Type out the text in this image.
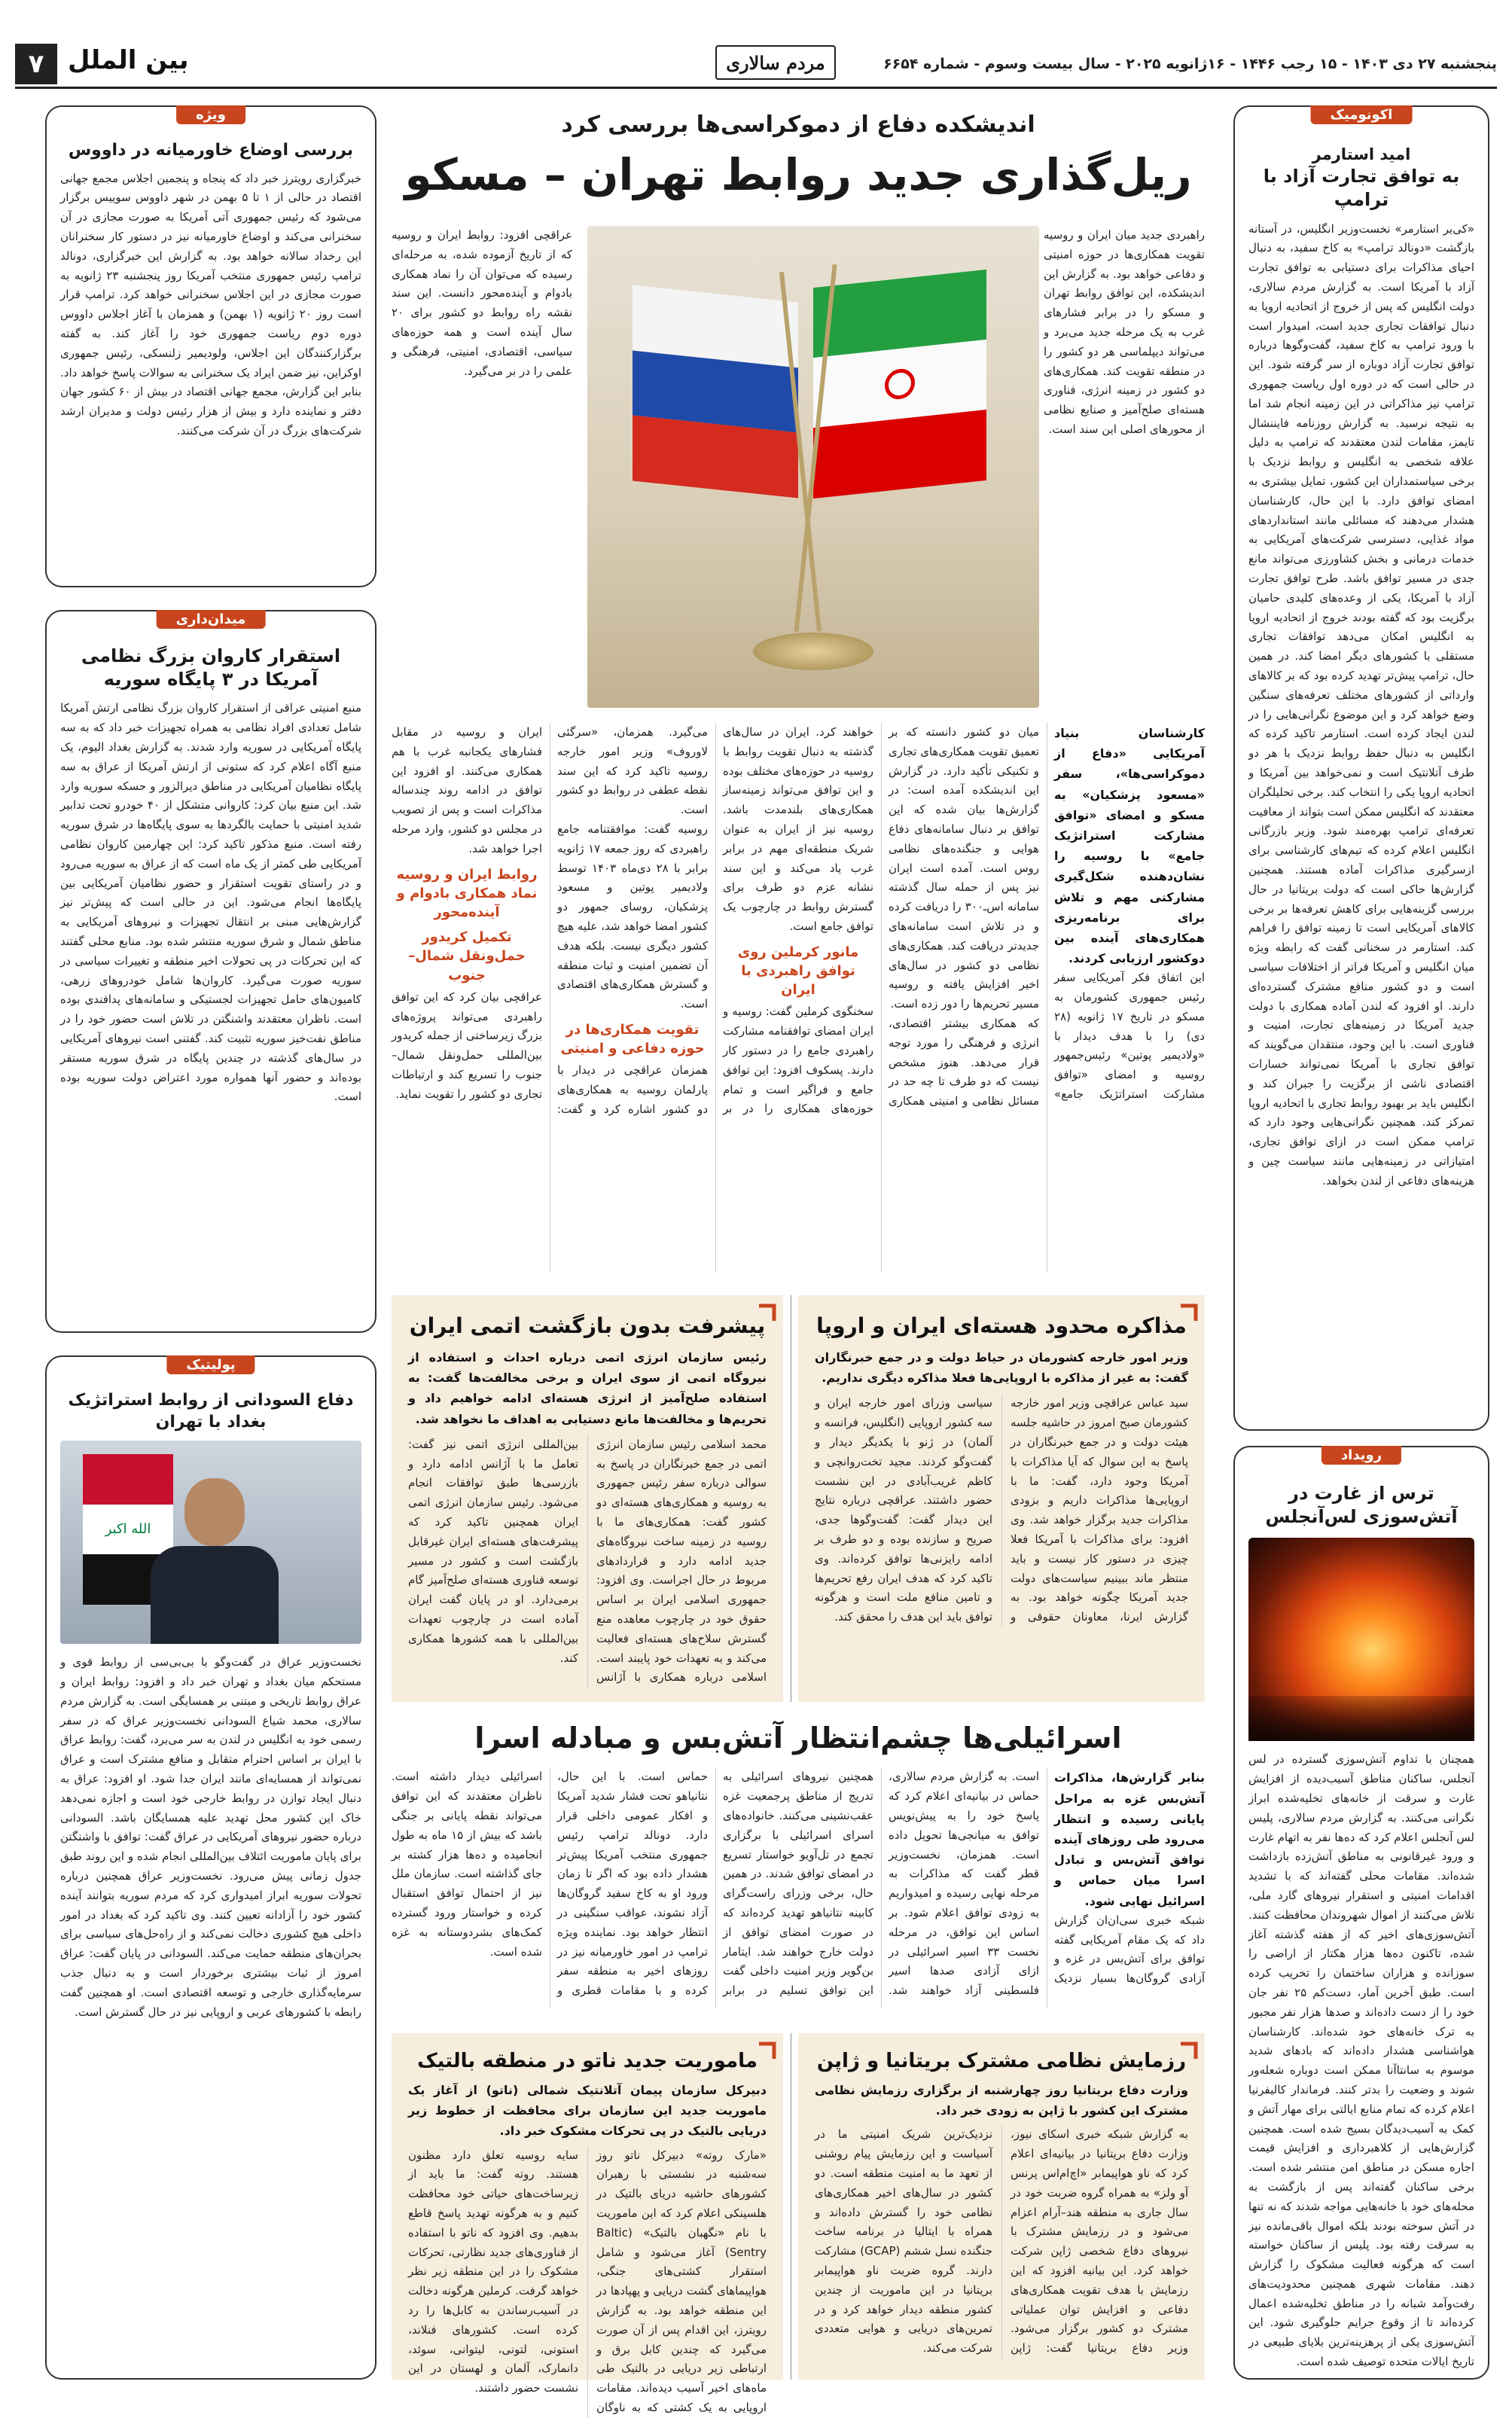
۷ بین الملل	مردم سالاری	پنجشنبه ۲۷ دی ۱۴۰۳ - ۱۵ رجب ۱۴۴۶ - ۱۶ژانویه ۲۰۲۵ - سال بیست وسوم - شماره ۶۶۵۴
اکونومیک
امید استارمر
به توافق تجارت آزاد با ترامپ
«کی‌یر استارمر» نخست‌وزیر انگلیس، در آستانه بازگشت «دونالد ترامپ» به کاخ سفید، به دنبال احیای مذاکرات برای دستیابی به توافق تجارت آزاد با آمریکا است. به گزارش مردم سالاری، دولت انگلیس که پس از خروج از اتحادیه اروپا به دنبال توافقات تجاری جدید است، امیدوار است با ورود ترامپ به کاخ سفید، گفت‌وگوها درباره توافق تجارت آزاد دوباره از سر گرفته شود. این در حالی است که در دوره اول ریاست جمهوری ترامپ نیز مذاکراتی در این زمینه انجام شد اما به نتیجه نرسید. به گزارش روزنامه فایننشال تایمز، مقامات لندن معتقدند که ترامپ به دلیل علاقه شخصی به انگلیس و روابط نزدیک با برخی سیاستمداران این کشور، تمایل بیشتری به امضای توافق دارد. با این حال، کارشناسان هشدار می‌دهند که مسائلی مانند استانداردهای مواد غذایی، دسترسی شرکت‌های آمریکایی به خدمات درمانی و بخش کشاورزی می‌تواند مانع جدی در مسیر توافق باشد. طرح توافق تجارت آزاد با آمریکا، یکی از وعده‌های کلیدی حامیان برگزیت بود که گفته بودند خروج از اتحادیه اروپا به انگلیس امکان می‌دهد توافقات تجاری مستقلی با کشورهای دیگر امضا کند. در همین حال، ترامپ پیش‌تر تهدید کرده بود که بر کالاهای وارداتی از کشورهای مختلف تعرفه‌های سنگین وضع خواهد کرد و این موضوع نگرانی‌هایی را در لندن ایجاد کرده است. استارمر تاکید کرده که انگلیس به دنبال حفظ روابط نزدیک با هر دو طرف آتلانتیک است و نمی‌خواهد بین آمریکا و اتحادیه اروپا یکی را انتخاب کند. برخی تحلیلگران معتقدند که انگلیس ممکن است بتواند از معافیت تعرفه‌ای ترامپ بهره‌مند شود. وزیر بازرگانی انگلیس اعلام کرده که تیم‌های کارشناسی برای ازسرگیری مذاکرات آماده هستند. همچنین گزارش‌ها حاکی است که دولت بریتانیا در حال بررسی گزینه‌هایی برای کاهش تعرفه‌ها بر برخی کالاهای آمریکایی است تا زمینه توافق را فراهم کند. استارمر در سخنانی گفت که رابطه ویژه میان انگلیس و آمریکا فراتر از اختلافات سیاسی است و دو کشور منافع مشترک گسترده‌ای دارند. او افزود که لندن آماده همکاری با دولت جدید آمریکا در زمینه‌های تجارت، امنیت و فناوری است. با این وجود، منتقدان می‌گویند که توافق تجاری با آمریکا نمی‌تواند خسارات اقتصادی ناشی از برگزیت را جبران کند و انگلیس باید بر بهبود روابط تجاری با اتحادیه اروپا تمرکز کند. همچنین نگرانی‌هایی وجود دارد که ترامپ ممکن است در ازای توافق تجاری، امتیازاتی در زمینه‌هایی مانند سیاست چین و هزینه‌های دفاعی از لندن بخواهد.
رویداد
ترس از غارت در آتش‌سوزی لس‌آنجلس
همچنان با تداوم آتش‌سوزی گسترده در لس آنجلس، ساکنان مناطق آسیب‌دیده از افزایش غارت و سرقت از خانه‌های تخلیه‌شده ابراز نگرانی می‌کنند. به گزارش مردم سالاری، پلیس لس آنجلس اعلام کرد که ده‌ها نفر به اتهام غارت و ورود غیرقانونی به مناطق آتش‌زده بازداشت شده‌اند. مقامات محلی گفته‌اند که با تشدید اقدامات امنیتی و استقرار نیروهای گارد ملی، تلاش می‌کنند از اموال شهروندان محافظت کنند. آتش‌سوزی‌های اخیر که از هفته گذشته آغاز شده، تاکنون ده‌ها هزار هکتار از اراضی را سوزانده و هزاران ساختمان را تخریب کرده است. طبق آخرین آمار، دست‌کم ۲۵ نفر جان خود را از دست داده‌اند و صدها هزار نفر مجبور به ترک خانه‌های خود شده‌اند. کارشناسان هواشناسی هشدار داده‌اند که بادهای شدید موسوم به سانتاآنا ممکن است دوباره شعله‌ور شوند و وضعیت را بدتر کنند. فرماندار کالیفرنیا اعلام کرده که تمام منابع ایالتی برای مهار آتش و کمک به آسیب‌دیدگان بسیج شده است. همچنین گزارش‌هایی از کلاهبرداری و افزایش قیمت اجاره مسکن در مناطق امن منتشر شده است. برخی ساکنان گفته‌اند پس از بازگشت به محله‌های خود با خانه‌هایی مواجه شدند که نه تنها در آتش سوخته بودند بلکه اموال باقی‌مانده نیز به سرقت رفته بود. پلیس از ساکنان خواسته است که هرگونه فعالیت مشکوک را گزارش دهند. مقامات شهری همچنین محدودیت‌های رفت‌وآمد شبانه را در مناطق تخلیه‌شده اعمال کرده‌اند تا از وقوع جرایم جلوگیری شود. این آتش‌سوزی یکی از پرهزینه‌ترین بلایای طبیعی در تاریخ ایالات متحده توصیف شده است.
ویژه
بررسی اوضاع خاورمیانه در داووس
خبرگزاری رویترز خبر داد که پنجاه و پنجمین اجلاس مجمع جهانی اقتصاد در حالی از ۱ تا ۵ بهمن در شهر داووس سوییس برگزار می‌شود که رئیس جمهوری آتی آمریکا به صورت مجازی در آن سخنرانی می‌کند و اوضاع خاورمیانه نیز در دستور کار سخنرانان این رخداد سالانه خواهد بود. به گزارش این خبرگزاری، دونالد ترامپ رئیس جمهوری منتخب آمریکا روز پنجشنبه ۲۳ ژانویه به صورت مجازی در این اجلاس سخنرانی خواهد کرد. ترامپ قرار است روز ۲۰ ژانویه (۱ بهمن) و همزمان با آغاز اجلاس داووس دوره دوم ریاست جمهوری خود را آغاز کند. به گفته برگزارکنندگان این اجلاس، ولودیمیر زلنسکی، رئیس جمهوری اوکراین، نیز ضمن ایراد یک سخنرانی به سوالات پاسخ خواهد داد. بنابر این گزارش، مجمع جهانی اقتصاد در بیش از ۶۰ کشور جهان دفتر و نماینده دارد و بیش از هزار رئیس دولت و مدیران ارشد شرکت‌های بزرگ در آن شرکت می‌کنند.
میدان‌داری
استقرار کاروان بزرگ نظامی آمریکا در ۳ پایگاه سوریه
منبع امنیتی عراقی از استقرار کاروان بزرگ نظامی ارتش آمریکا شامل تعدادی افراد نظامی به همراه تجهیزات خبر داد که به سه پایگاه آمریکایی در سوریه وارد شدند. به گزارش بغداد الیوم، یک منبع آگاه اعلام کرد که ستونی از ارتش آمریکا از عراق به سه پایگاه نظامیان آمریکایی در مناطق دیرالزور و حسکه سوریه وارد شد. این منبع بیان کرد: کاروانی متشکل از ۴۰ خودرو تحت تدابیر شدید امنیتی با حمایت بالگردها به سوی پایگاه‌ها در شرق سوریه رفته است. منبع مذکور تاکید کرد: این چهارمین کاروان نظامی آمریکایی طی کمتر از یک ماه است که از عراق به سوریه می‌رود و در راستای تقویت استقرار و حضور نظامیان آمریکایی بین پایگاه‌ها انجام می‌شود. این در حالی است که پیش‌تر نیز گزارش‌هایی مبنی بر انتقال تجهیزات و نیروهای آمریکایی به مناطق شمال و شرق سوریه منتشر شده بود. منابع محلی گفتند که این تحرکات در پی تحولات اخیر منطقه و تغییرات سیاسی در سوریه صورت می‌گیرد. کاروان‌ها شامل خودروهای زرهی، کامیون‌های حامل تجهیزات لجستیکی و سامانه‌های پدافندی بوده است. ناظران معتقدند واشنگتن در تلاش است حضور خود را در مناطق نفت‌خیز سوریه تثبیت کند. گفتنی است نیروهای آمریکایی در سال‌های گذشته در چندین پایگاه در شرق سوریه مستقر بوده‌اند و حضور آنها همواره مورد اعتراض دولت سوریه بوده است.
پولیتیک
دفاع السودانی از روابط استراتژیک بغداد با تهران
الله اکبر
نخست‌وزیر عراق در گفت‌وگو با بی‌بی‌سی از روابط قوی و مستحکم میان بغداد و تهران خبر داد و افزود: روابط ایران و عراق روابط تاریخی و مبتنی بر همسایگی است. به گزارش مردم سالاری، محمد شیاع السودانی نخست‌وزیر عراق که در سفر رسمی خود به انگلیس در لندن به سر می‌برد، گفت: روابط عراق با ایران بر اساس احترام متقابل و منافع مشترک است و عراق نمی‌تواند از همسایه‌ای مانند ایران جدا شود. او افزود: عراق به دنبال ایجاد توازن در روابط خارجی خود است و اجازه نمی‌دهد خاک این کشور محل تهدید علیه همسایگان باشد. السودانی درباره حضور نیروهای آمریکایی در عراق گفت: توافق با واشنگتن برای پایان ماموریت ائتلاف بین‌المللی انجام شده و این روند طبق جدول زمانی پیش می‌رود. نخست‌وزیر عراق همچنین درباره تحولات سوریه ابراز امیدواری کرد که مردم سوریه بتوانند آینده کشور خود را آزادانه تعیین کنند. وی تاکید کرد که بغداد در امور داخلی هیچ کشوری دخالت نمی‌کند و از راه‌حل‌های سیاسی برای بحران‌های منطقه حمایت می‌کند. السودانی در پایان گفت: عراق امروز از ثبات بیشتری برخوردار است و به دنبال جذب سرمایه‌گذاری خارجی و توسعه اقتصادی است. او همچنین گفت رابطه با کشورهای عربی و اروپایی نیز در حال گسترش است.
اندیشکده دفاع از دموکراسی‌ها بررسی کرد
ریل‌گذاری جدید روابط تهران – مسکو
راهبردی جدید میان ایران و روسیه تقویت همکاری‌ها در حوزه امنیتی و دفاعی خواهد بود. به گزارش این اندیشکده، این توافق روابط تهران و مسکو را در برابر فشارهای غرب به یک مرحله جدید می‌برد و می‌تواند دیپلماسی هر دو کشور را در منطقه تقویت کند. همکاری‌های دو کشور در زمینه انرژی، فناوری هسته‌ای صلح‌آمیز و صنایع نظامی از محورهای اصلی این سند است.
عراقچی افزود: روابط ایران و روسیه که از تاریخ آزموده شده، به مرحله‌ای رسیده که می‌توان آن را نماد همکاری بادوام و آینده‌محور دانست. این سند نقشه راه روابط دو کشور برای ۲۰ سال آینده است و همه حوزه‌های سیاسی، اقتصادی، امنیتی، فرهنگی و علمی را در بر می‌گیرد.
کارشناسان بنیاد آمریکایی «دفاع از دموکراسی‌ها»، سفر «مسعود پزشکیان» به مسکو و امضای «توافق مشارکت استراتژیک جامع» با روسیه را نشان‌دهنده شکل‌گیری مشارکتی مهم و تلاش برای برنامه‌ریزی همکاری‌های آینده بین دوکشور ارزیابی کردند.
این اتفاق فکر آمریکایی سفر رئیس جمهوری کشورمان به مسکو در تاریخ ۱۷ ژانویه (۲۸ دی) را با هدف دیدار با «ولادیمیر پوتین» رئیس‌جمهور روسیه و امضای «توافق مشارکت استراتژیک جامع» میان دو کشور دانسته که بر تعمیق تقویت همکاری‌های تجاری و تکنیکی تأکید دارد. در گزارش این اندیشکده آمده است: در گزارش‌ها بیان شده که این توافق بر دنبال سامانه‌های دفاع هوایی و جنگنده‌های نظامی روس است. آمده است ایران نیز پس از حمله سال گذشته سامانه اس‌ـ۳۰۰ را دریافت کرده و در تلاش است سامانه‌های جدیدتر دریافت کند. همکاری‌های نظامی دو کشور در سال‌های اخیر افزایش یافته و روسیه مسیر تحریم‌ها را دور زده است.
که همکاری بیشتر اقتصادی، انرژی و فرهنگی را مورد توجه قرار می‌دهد. هنوز مشخص نیست که دو طرف تا چه حد در مسائل نظامی و امنیتی همکاری خواهند کرد. ایران در سال‌های گذشته به دنبال تقویت روابط با روسیه در حوزه‌های مختلف بوده و این توافق می‌تواند زمینه‌ساز همکاری‌های بلندمدت باشد. روسیه نیز از ایران به عنوان شریک منطقه‌ای مهم در برابر غرب یاد می‌کند و این سند نشانه عزم دو طرف برای گسترش روابط در چارچوب یک توافق جامع است.
مانور کرملین روی توافق راهبردی با ایران
سخنگوی کرملین گفت: روسیه و ایران امضای توافقنامه مشارکت راهبردی جامع را در دستور کار دارند. پسکوف افزود: این توافق جامع و فراگیر است و تمام حوزه‌های همکاری را در بر می‌گیرد. همزمان، «سرگئی لاوروف» وزیر امور خارجه روسیه تاکید کرد که این سند نقطه عطفی در روابط دو کشور است.
روسیه گفت: موافقتنامه جامع راهبردی که روز جمعه ۱۷ ژانویه برابر با ۲۸ دی‌ماه ۱۴۰۳ توسط ولادیمیر پوتین و مسعود پزشکیان، روسای جمهور دو کشور امضا خواهد شد، علیه هیچ کشور دیگری نیست. بلکه هدف آن تضمین امنیت و ثبات منطقه و گسترش همکاری‌های اقتصادی است.
تقویت همکاری‌ها در حوزه دفاعی و امنیتی
همزمان عراقچی در دیدار با پارلمان روسیه به همکاری‌های دو کشور اشاره کرد و گفت: ایران و روسیه در مقابل فشارهای یکجانبه غرب با هم همکاری می‌کنند. او افزود این توافق در ادامه روند چندساله مذاکرات است و پس از تصویب در مجلس دو کشور، وارد مرحله اجرا خواهد شد.
روابط ایران و روسیه نماد همکاری بادوام و آینده‌محور
تکمیل کریدور حمل‌ونقل شمال–جنوب
عراقچی بیان کرد که این توافق راهبردی می‌تواند پروژه‌های بزرگ زیرساختی از جمله کریدور بین‌المللی حمل‌ونقل شمال–جنوب را تسریع کند و ارتباطات تجاری دو کشور را تقویت نماید.
مذاکره محدود هسته‌ای ایران و اروپا
وزیر امور خارجه کشورمان در حیاط دولت و در جمع خبرنگاران گفت: به غیر از مذاکره با اروپایی‌ها فعلا مذاکره دیگری نداریم.
سید عباس عراقچی وزیر امور خارجه کشورمان صبح امروز در حاشیه جلسه هیئت دولت و در جمع خبرنگاران در پاسخ به این سوال که آیا مذاکرات با آمریکا وجود دارد، گفت: ما با اروپایی‌ها مذاکرات داریم و بزودی مذاکرات جدید برگزار خواهد شد. وی افزود: برای مذاکرات با آمریکا فعلا چیزی در دستور کار نیست و باید منتظر ماند ببینیم سیاست‌های دولت جدید آمریکا چگونه خواهد بود. به گزارش ایرنا، معاونان حقوقی و سیاسی وزرای امور خارجه ایران و سه کشور اروپایی (انگلیس، فرانسه و آلمان) در ژنو با یکدیگر دیدار و گفت‌وگو کردند. مجید تخت‌روانچی و کاظم غریب‌آبادی در این نشست حضور داشتند. عراقچی درباره نتایج این دیدار گفت: گفت‌وگوها جدی، صریح و سازنده بوده و دو طرف بر ادامه رایزنی‌ها توافق کرده‌اند. وی تاکید کرد که هدف ایران رفع تحریم‌ها و تامین منافع ملت است و هرگونه توافق باید این هدف را محقق کند.
پیشرفت بدون بازگشت اتمی ایران
رئیس سازمان انرژی اتمی درباره احداث و استفاده از نیروگاه اتمی از سوی ایران و برخی مخالفت‌ها گفت: به استفاده صلح‌آمیز از انرژی هسته‌ای ادامه خواهیم داد و تحریم‌ها و مخالفت‌ها مانع دستیابی به اهداف ما نخواهد شد.
محمد اسلامی رئیس سازمان انرژی اتمی در جمع خبرنگاران در پاسخ به سوالی درباره سفر رئیس جمهوری به روسیه و همکاری‌های هسته‌ای دو کشور گفت: همکاری‌های ما با روسیه در زمینه ساخت نیروگاه‌های جدید ادامه دارد و قراردادهای مربوط در حال اجراست. وی افزود: جمهوری اسلامی ایران بر اساس حقوق خود در چارچوب معاهده منع گسترش سلاح‌های هسته‌ای فعالیت می‌کند و به تعهدات خود پایبند است. اسلامی درباره همکاری با آژانس بین‌المللی انرژی اتمی نیز گفت: تعامل ما با آژانس ادامه دارد و بازرسی‌ها طبق توافقات انجام می‌شود. رئیس سازمان انرژی اتمی ایران همچنین تاکید کرد که پیشرفت‌های هسته‌ای ایران غیرقابل بازگشت است و کشور در مسیر توسعه فناوری هسته‌ای صلح‌آمیز گام برمی‌دارد. او در پایان گفت ایران آماده است در چارچوب تعهدات بین‌المللی با همه کشورها همکاری کند.
اسرائیلی‌ها چشم‌انتظار آتش‌بس و مبادله اسرا
بنابر گزارش‌ها، مذاکرات آتش‌بس غزه به مراحل پایانی رسیده و انتظار می‌رود طی روزهای آینده توافق آتش‌بس و تبادل اسرا میان حماس و اسرائیل نهایی شود.
شبکه خبری سی‌ان‌ان گزارش داد که یک مقام آمریکایی گفته توافق برای آتش‌بس در غزه و آزادی گروگان‌ها بسیار نزدیک است. به گزارش مردم سالاری، حماس در بیانیه‌ای اعلام کرد که پاسخ خود را به پیش‌نویس توافق به میانجی‌ها تحویل داده است. همزمان، نخست‌وزیر قطر گفت که مذاکرات به مرحله نهایی رسیده و امیدواریم به زودی توافق اعلام شود. بر اساس این توافق، در مرحله نخست ۳۳ اسیر اسرائیلی در ازای آزادی صدها اسیر فلسطینی آزاد خواهند شد. همچنین نیروهای اسرائیلی به تدریج از مناطق پرجمعیت غزه عقب‌نشینی می‌کنند. خانواده‌های اسرای اسرائیلی با برگزاری تجمع در تل‌آویو خواستار تسریع در امضای توافق شدند. در همین حال، برخی وزرای راست‌گرای کابینه نتانیاهو تهدید کرده‌اند که در صورت امضای توافق از دولت خارج خواهند شد. ایتامار بن‌گویر وزیر امنیت داخلی گفت این توافق تسلیم در برابر حماس است. با این حال، نتانیاهو تحت فشار شدید آمریکا و افکار عمومی داخلی قرار دارد. دونالد ترامپ رئیس جمهوری منتخب آمریکا پیش‌تر هشدار داده بود که اگر تا زمان ورود او به کاخ سفید گروگان‌ها آزاد نشوند، عواقب سنگینی در انتظار خواهد بود. نماینده ویژه ترامپ در امور خاورمیانه نیز در روزهای اخیر به منطقه سفر کرده و با مقامات قطری و اسرائیلی دیدار داشته است. ناظران معتقدند که این توافق می‌تواند نقطه پایانی بر جنگی باشد که بیش از ۱۵ ماه به طول انجامیده و ده‌ها هزار کشته بر جای گذاشته است. سازمان ملل نیز از احتمال توافق استقبال کرده و خواستار ورود گسترده کمک‌های بشردوستانه به غزه شده است.
رزمایش نظامی مشترک بریتانیا و ژاپن
وزارت دفاع بریتانیا روز چهارشنبه از برگزاری رزمایش نظامی مشترک این کشور با ژاپن به زودی خبر داد.
به گزارش شبکه خبری اسکای نیوز، وزارت دفاع بریتانیا در بیانیه‌ای اعلام کرد که ناو هواپیمابر «اچ‌ام‌اس پرنس آو ولز» به همراه گروه ضربت خود در سال جاری به منطقه هند–آرام اعزام می‌شود و در رزمایش مشترک با نیروهای دفاع شخصی ژاپن شرکت خواهد کرد. این بیانیه افزود که این رزمایش با هدف تقویت همکاری‌های دفاعی و افزایش توان عملیاتی مشترک دو کشور برگزار می‌شود. وزیر دفاع بریتانیا گفت: ژاپن نزدیک‌ترین شریک امنیتی ما در آسیاست و این رزمایش پیام روشنی از تعهد ما به امنیت منطقه است. دو کشور در سال‌های اخیر همکاری‌های نظامی خود را گسترش داده‌اند و همراه با ایتالیا در برنامه ساخت جنگنده نسل ششم (GCAP) مشارکت دارند. گروه ضربت ناو هواپیمابر بریتانیا در این ماموریت از چندین کشور منطقه دیدار خواهد کرد و در تمرین‌های دریایی و هوایی متعددی شرکت می‌کند.
ماموریت جدید ناتو در منطقه بالتیک
دبیرکل سازمان پیمان آتلانتیک شمالی (ناتو) از آغاز یک ماموریت جدید این سازمان برای محافظت از خطوط زیر دریایی بالتیک در پی تحرکات مشکوک خبر داد.
«مارک روته» دبیرکل ناتو روز سه‌شنبه در نشستی با رهبران کشورهای حاشیه دریای بالتیک در هلسینکی اعلام کرد که این ماموریت با نام «نگهبان بالتیک» (Baltic Sentry) آغاز می‌شود و شامل استقرار کشتی‌های جنگی، هواپیماهای گشت دریایی و پهپادها در این منطقه خواهد بود. به گزارش رویترز، این اقدام پس از آن صورت می‌گیرد که چندین کابل برق و ارتباطی زیر دریایی در بالتیک طی ماه‌های اخیر آسیب دیده‌اند. مقامات اروپایی به یک کشتی که به ناوگان سایه روسیه تعلق دارد مظنون هستند. روته گفت: ما باید از زیرساخت‌های حیاتی خود محافظت کنیم و به هرگونه تهدید پاسخ قاطع بدهیم. وی افزود که ناتو با استفاده از فناوری‌های جدید نظارتی، تحرکات مشکوک را در این منطقه زیر نظر خواهد گرفت. کرملین هرگونه دخالت در آسیب‌رساندن به کابل‌ها را رد کرده است. کشورهای فنلاند، استونی، لتونی، لیتوانی، سوئد، دانمارک، آلمان و لهستان در این نشست حضور داشتند.
